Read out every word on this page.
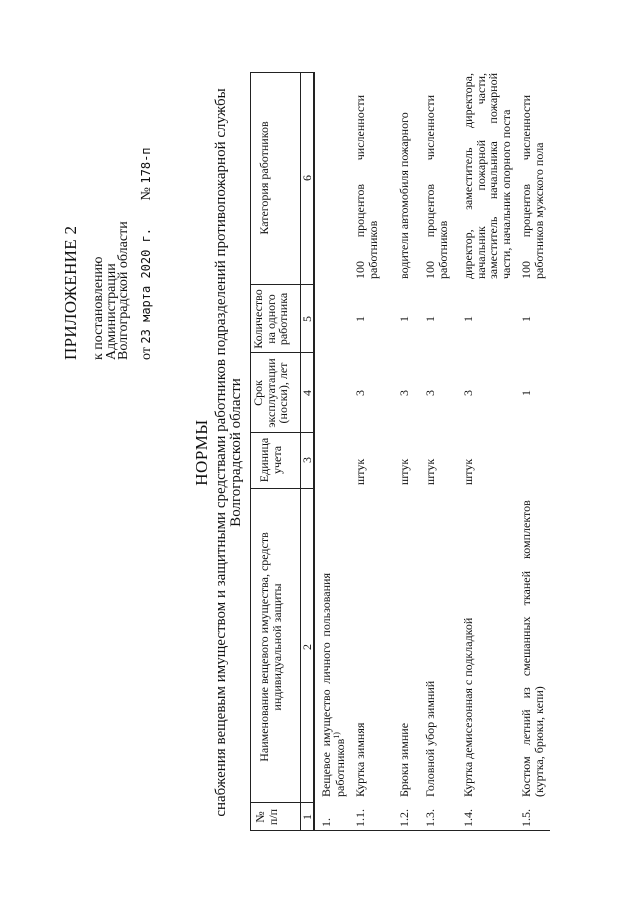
ПРИЛОЖЕНИЕ 2 к постановлению
Администрации
Волгоградской области от 23 марта 2020 г. № 178-п
НОРМЫ снабжения вещевым имуществом и защитными средствами работников подразделений противопожарной службы Волгоградской области
№ п/п
Наименование вещевого имущества, средств индивидуальной защиты
Единица учета
Срок эксплуатации (носки), лет
Количество на одного работника
Категория работников
1
2
3
4
5
6
1.
Вещевое имущество личного пользования работников$^{1)}$
1.1.
Куртка зимняя
штук
3
1
100 процентов численности работников
1.2.
Брюки зимние
штук
3
1
водители автомобиля пожарного
1.3.
Головной убор зимний
штук
3
1
100 процентов численности работников
1.4.
Куртка демисезонная с подкладкой
штук
3
1
директор, заместитель директора, начальник пожарной части, заместитель начальника пожарной части, начальник опорного поста
1.5.
Костюм летний из смешанных тканей (куртка, брюки, кепи)
комплектов
1
1
100 процентов численности работников мужского пола
